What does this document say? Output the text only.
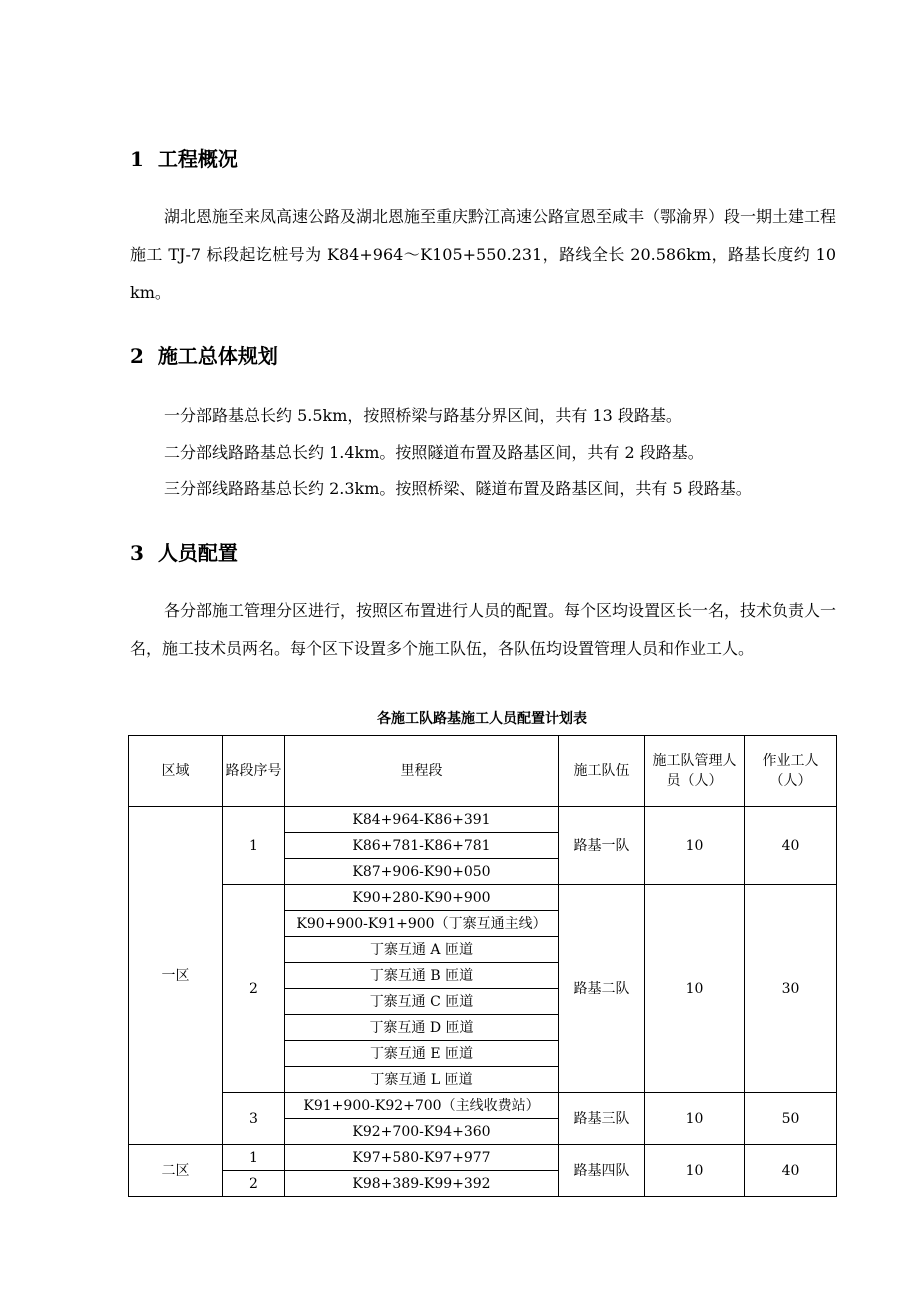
1 工程概况

湖北恩施至来凤高速公路及湖北恩施至重庆黔江高速公路宣恩至咸丰（鄂渝界）段一期土建工程施工 TJ-7 标段起讫桩号为 K84+964～K105+550.231，路线全长 20.586km，路基长度约 10 km。

2 施工总体规划

一分部路基总长约 5.5km，按照桥梁与路基分界区间，共有 13 段路基。

二分部线路路基总长约 1.4km。按照隧道布置及路基区间，共有 2 段路基。

三分部线路路基总长约 2.3km。按照桥梁、隧道布置及路基区间，共有 5 段路基。

3 人员配置

各分部施工管理分区进行，按照区布置进行人员的配置。每个区均设置区长一名，技术负责人一名，施工技术员两名。每个区下设置多个施工队伍，各队伍均设置管理人员和作业工人。

各施工队路基施工人员配置计划表

区域	路段序号	里程段	施工队伍	施工队管理人员（人）	作业工人（人）
一区	1	K84+964-K86+391	路基一队	10	40
		K86+781-K86+781			
		K87+906-K90+050			
	2	K90+280-K90+900	路基二队	10	30
		K90+900-K91+900（丁寨互通主线）			
		丁寨互通 A 匝道			
		丁寨互通 B 匝道			
		丁寨互通 C 匝道			
		丁寨互通 D 匝道			
		丁寨互通 E 匝道			
		丁寨互通 L 匝道			
	3	K91+900-K92+700（主线收费站）	路基三队	10	50
		K92+700-K94+360			
二区	1	K97+580-K97+977	路基四队	10	40
	2	K98+389-K99+392			
